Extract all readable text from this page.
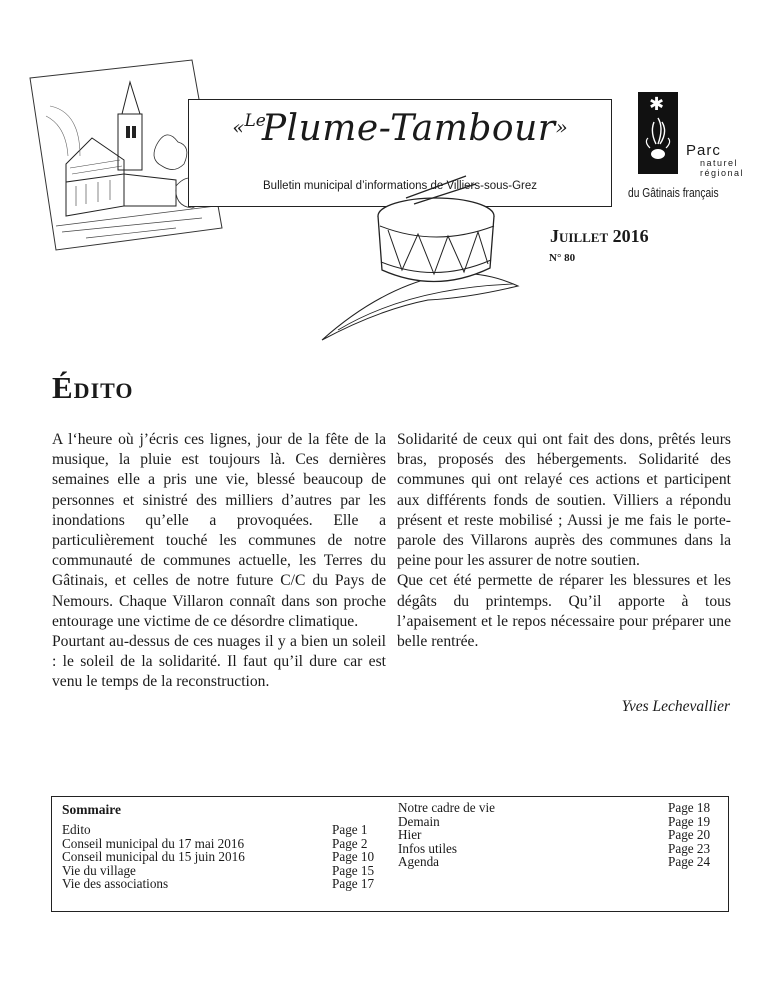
«LePlume-Tambour»
Bulletin municipal d’informations de Villiers-sous-Grez
✱
Parc
naturel
régional
du Gâtinais français
Juillet 2016
N° 80
Édito

A l‘heure où j’écris ces lignes, jour de la fête de la musique, la pluie est toujours là. Ces dernières semaines elle a pris une vie, blessé beaucoup de personnes et sinistré des milliers d’autres par les inondations qu’elle a provoquées. Elle a particulièrement touché les communes de notre communauté de communes actuelle, les Terres du Gâtinais, et celles de notre future C/C du Pays de Nemours. Chaque Villaron connaît dans son proche entourage une victime de ce désordre climatique.

Pourtant au-dessus de ces nuages il y a bien un soleil : le soleil de la solidarité. Il faut qu’il dure car est venu le temps de la reconstruction.

Solidarité de ceux qui ont fait des dons, prêtés leurs bras, proposés des hébergements. Solidarité des communes qui ont relayé ces actions et participent aux différents fonds de soutien. Villiers a répondu présent et reste mobilisé ; Aussi je me fais le porte-parole des Villarons auprès des communes dans la peine pour les assurer de notre soutien.

Que cet été permette de réparer les blessures et les dégâts du printemps. Qu’il apporte à tous l’apaisement et le repos nécessaire pour préparer une belle rentrée.

Yves Lechevallier
Sommaire
Edito
Conseil municipal du 17 mai 2016
Conseil municipal du 15 juin 2016
Vie du village
Vie des associations
Page 1
Page 2
Page 10
Page 15
Page 17
Notre cadre de vie
Demain
Hier
Infos utiles
Agenda
Page 18
Page 19
Page 20
Page 23
Page 24
